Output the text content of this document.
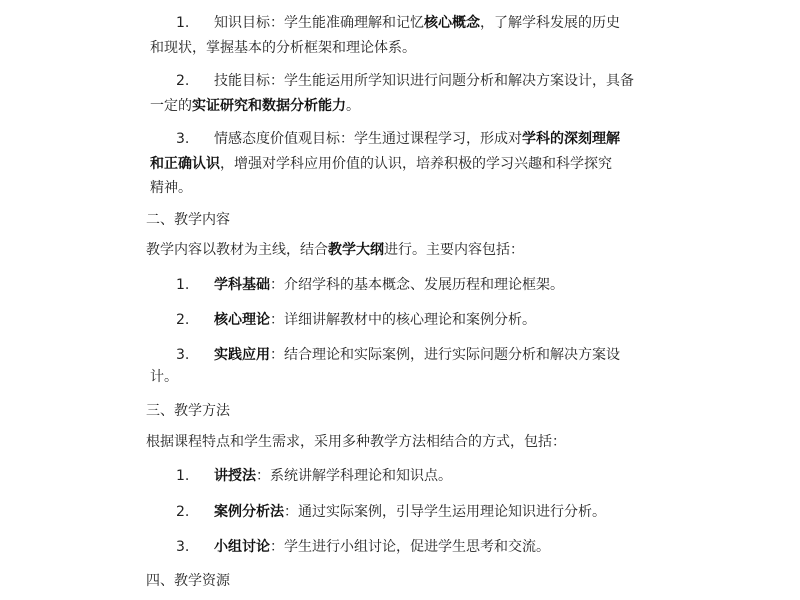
1. 知识目标：学生能准确理解和记忆核心概念，了解学科发展的历史
和现状，掌握基本的分析框架和理论体系。
2. 技能目标：学生能运用所学知识进行问题分析和解决方案设计，具备
一定的实证研究和数据分析能力。
3. 情感态度价值观目标：学生通过课程学习，形成对学科的深刻理解
和正确认识，增强对学科应用价值的认识，培养积极的学习兴趣和科学探究
精神。
二、教学内容
教学内容以教材为主线，结合教学大纲进行。主要内容包括：
1. 学科基础：介绍学科的基本概念、发展历程和理论框架。
2. 核心理论：详细讲解教材中的核心理论和案例分析。
3. 实践应用：结合理论和实际案例，进行实际问题分析和解决方案设
计。
三、教学方法
根据课程特点和学生需求，采用多种教学方法相结合的方式，包括：
1. 讲授法：系统讲解学科理论和知识点。
2. 案例分析法：通过实际案例，引导学生运用理论知识进行分析。
3. 小组讨论：学生进行小组讨论，促进学生思考和交流。
四、教学资源
